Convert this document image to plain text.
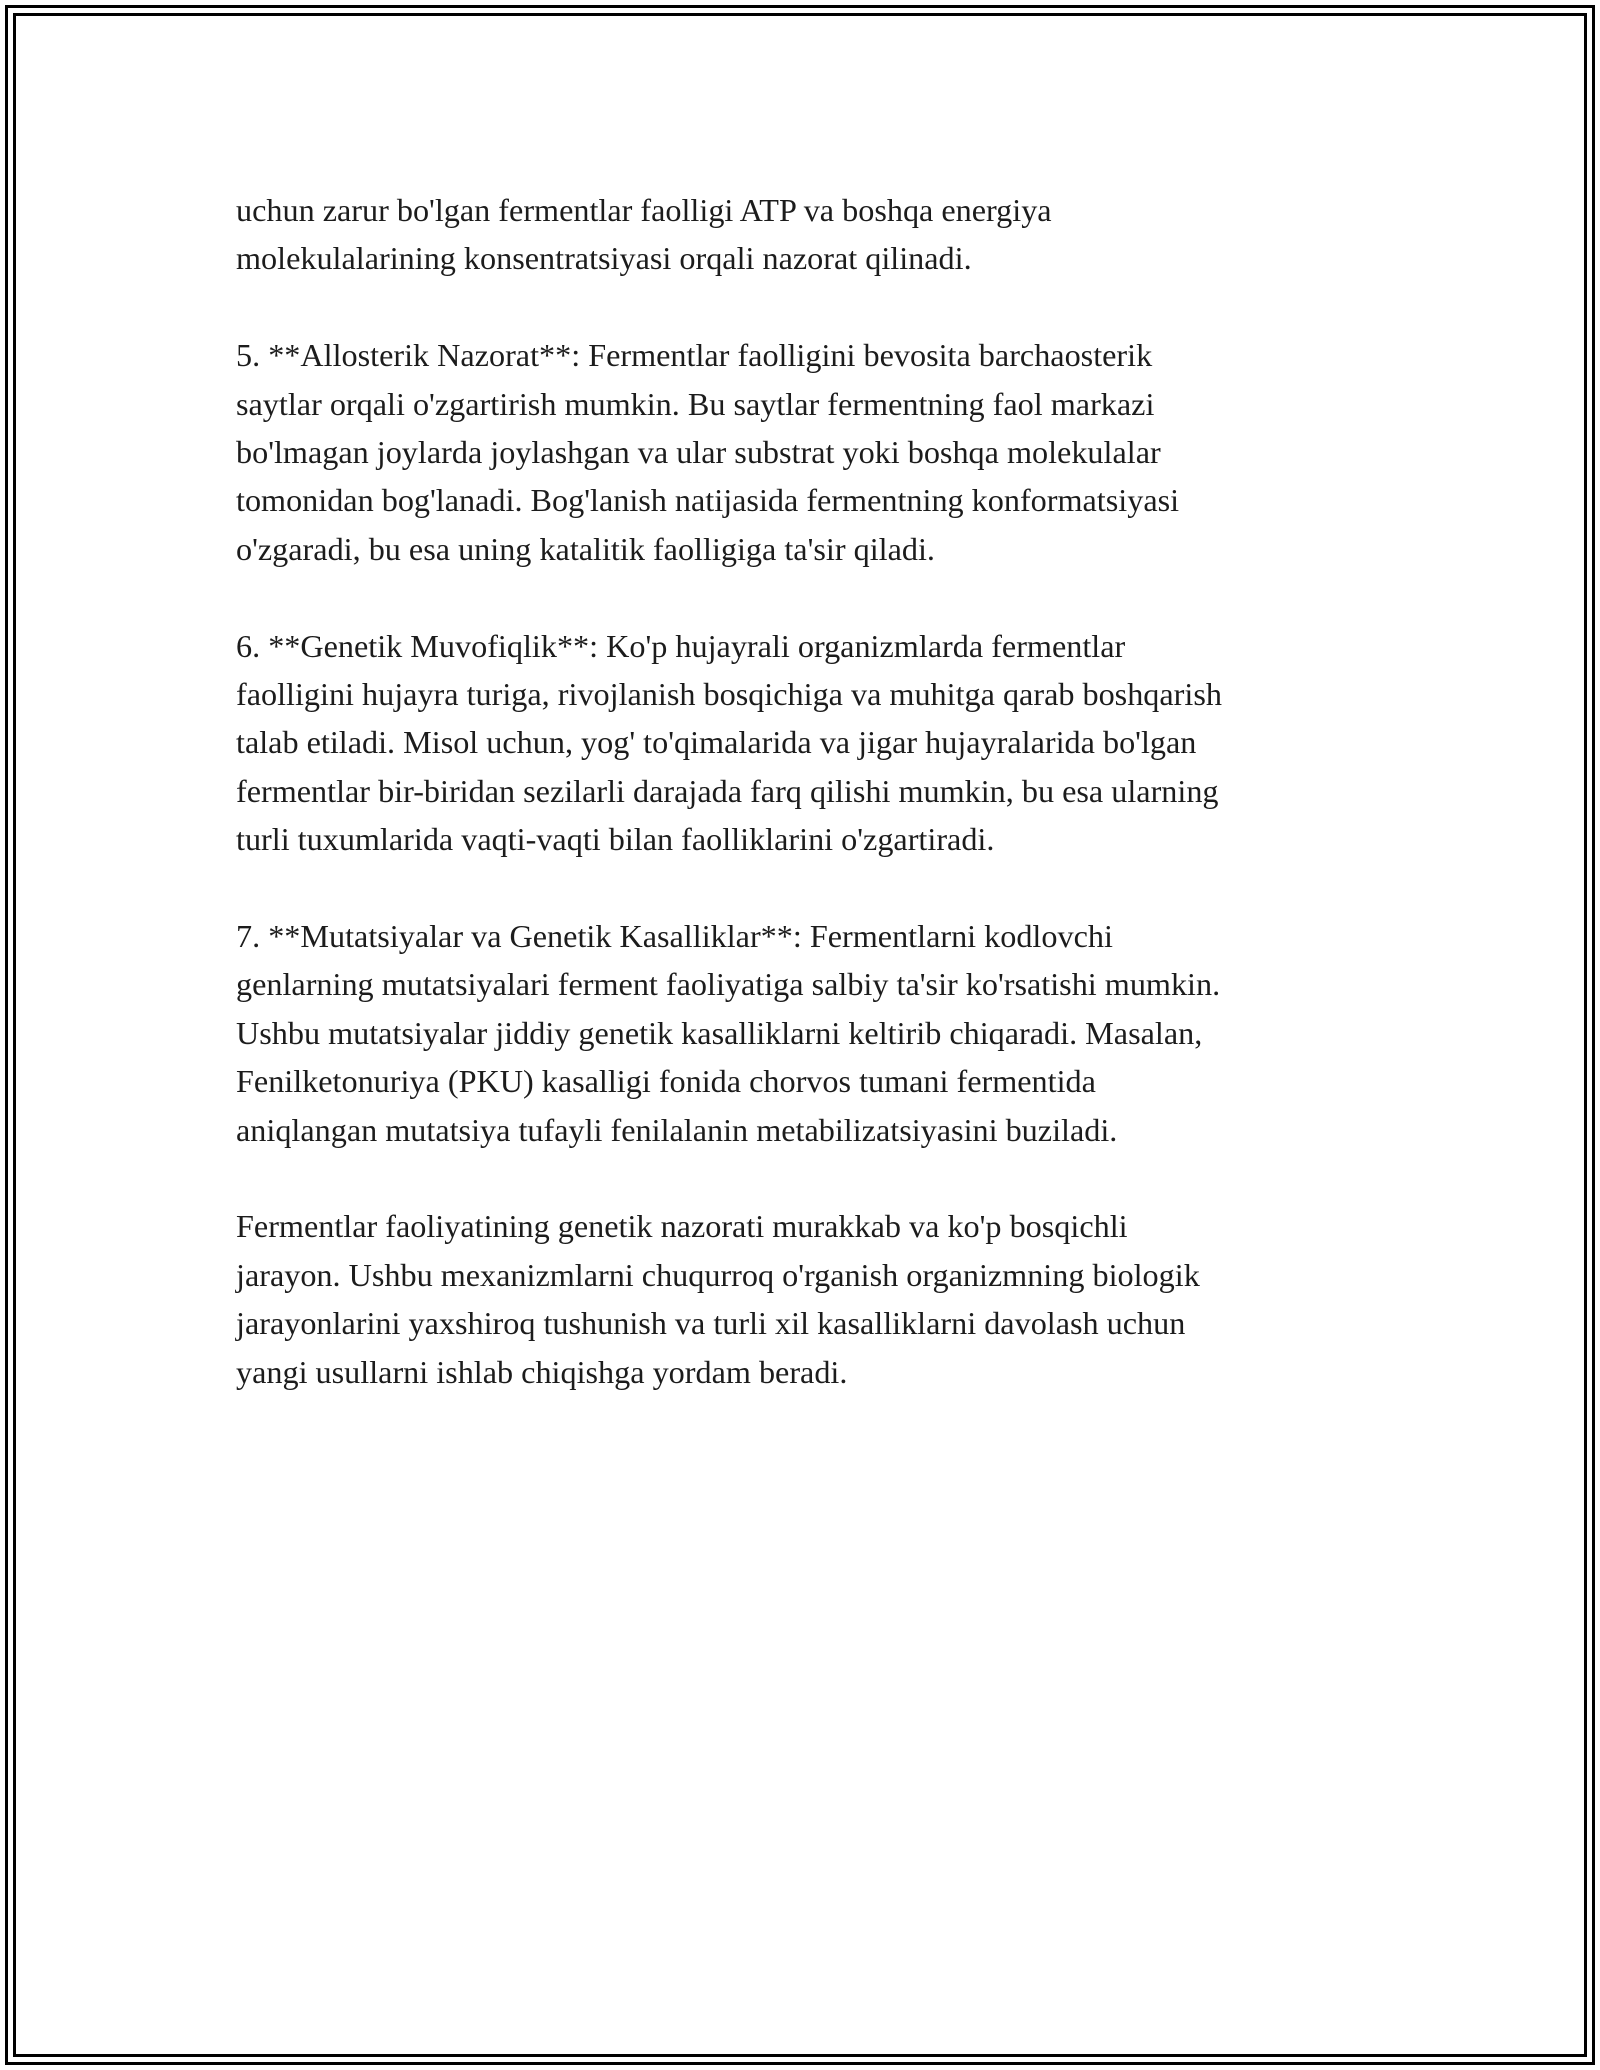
uchun zarur bo'lgan fermentlar faolligi ATP va boshqa energiya
molekulalarining konsentratsiyasi orqali nazorat qilinadi.

5. **Allosterik Nazorat**: Fermentlar faolligini bevosita barchaosterik
saytlar orqali o'zgartirish mumkin. Bu saytlar fermentning faol markazi
bo'lmagan joylarda joylashgan va ular substrat yoki boshqa molekulalar
tomonidan bog'lanadi. Bog'lanish natijasida fermentning konformatsiyasi
o'zgaradi, bu esa uning katalitik faolligiga ta'sir qiladi.

6. **Genetik Muvofiqlik**: Ko'p hujayrali organizmlarda fermentlar
faolligini hujayra turiga, rivojlanish bosqichiga va muhitga qarab boshqarish
talab etiladi. Misol uchun, yog' to'qimalarida va jigar hujayralarida bo'lgan
fermentlar bir-biridan sezilarli darajada farq qilishi mumkin, bu esa ularning
turli tuxumlarida vaqti-vaqti bilan faolliklarini o'zgartiradi.

7. **Mutatsiyalar va Genetik Kasalliklar**: Fermentlarni kodlovchi
genlarning mutatsiyalari ferment faoliyatiga salbiy ta'sir ko'rsatishi mumkin.
Ushbu mutatsiyalar jiddiy genetik kasalliklarni keltirib chiqaradi. Masalan,
Fenilketonuriya (PKU) kasalligi fonida chorvos tumani fermentida
aniqlangan mutatsiya tufayli fenilalanin metabilizatsiyasini buziladi.

Fermentlar faoliyatining genetik nazorati murakkab va ko'p bosqichli
jarayon. Ushbu mexanizmlarni chuqurroq o'rganish organizmning biologik
jarayonlarini yaxshiroq tushunish va turli xil kasalliklarni davolash uchun
yangi usullarni ishlab chiqishga yordam beradi.
